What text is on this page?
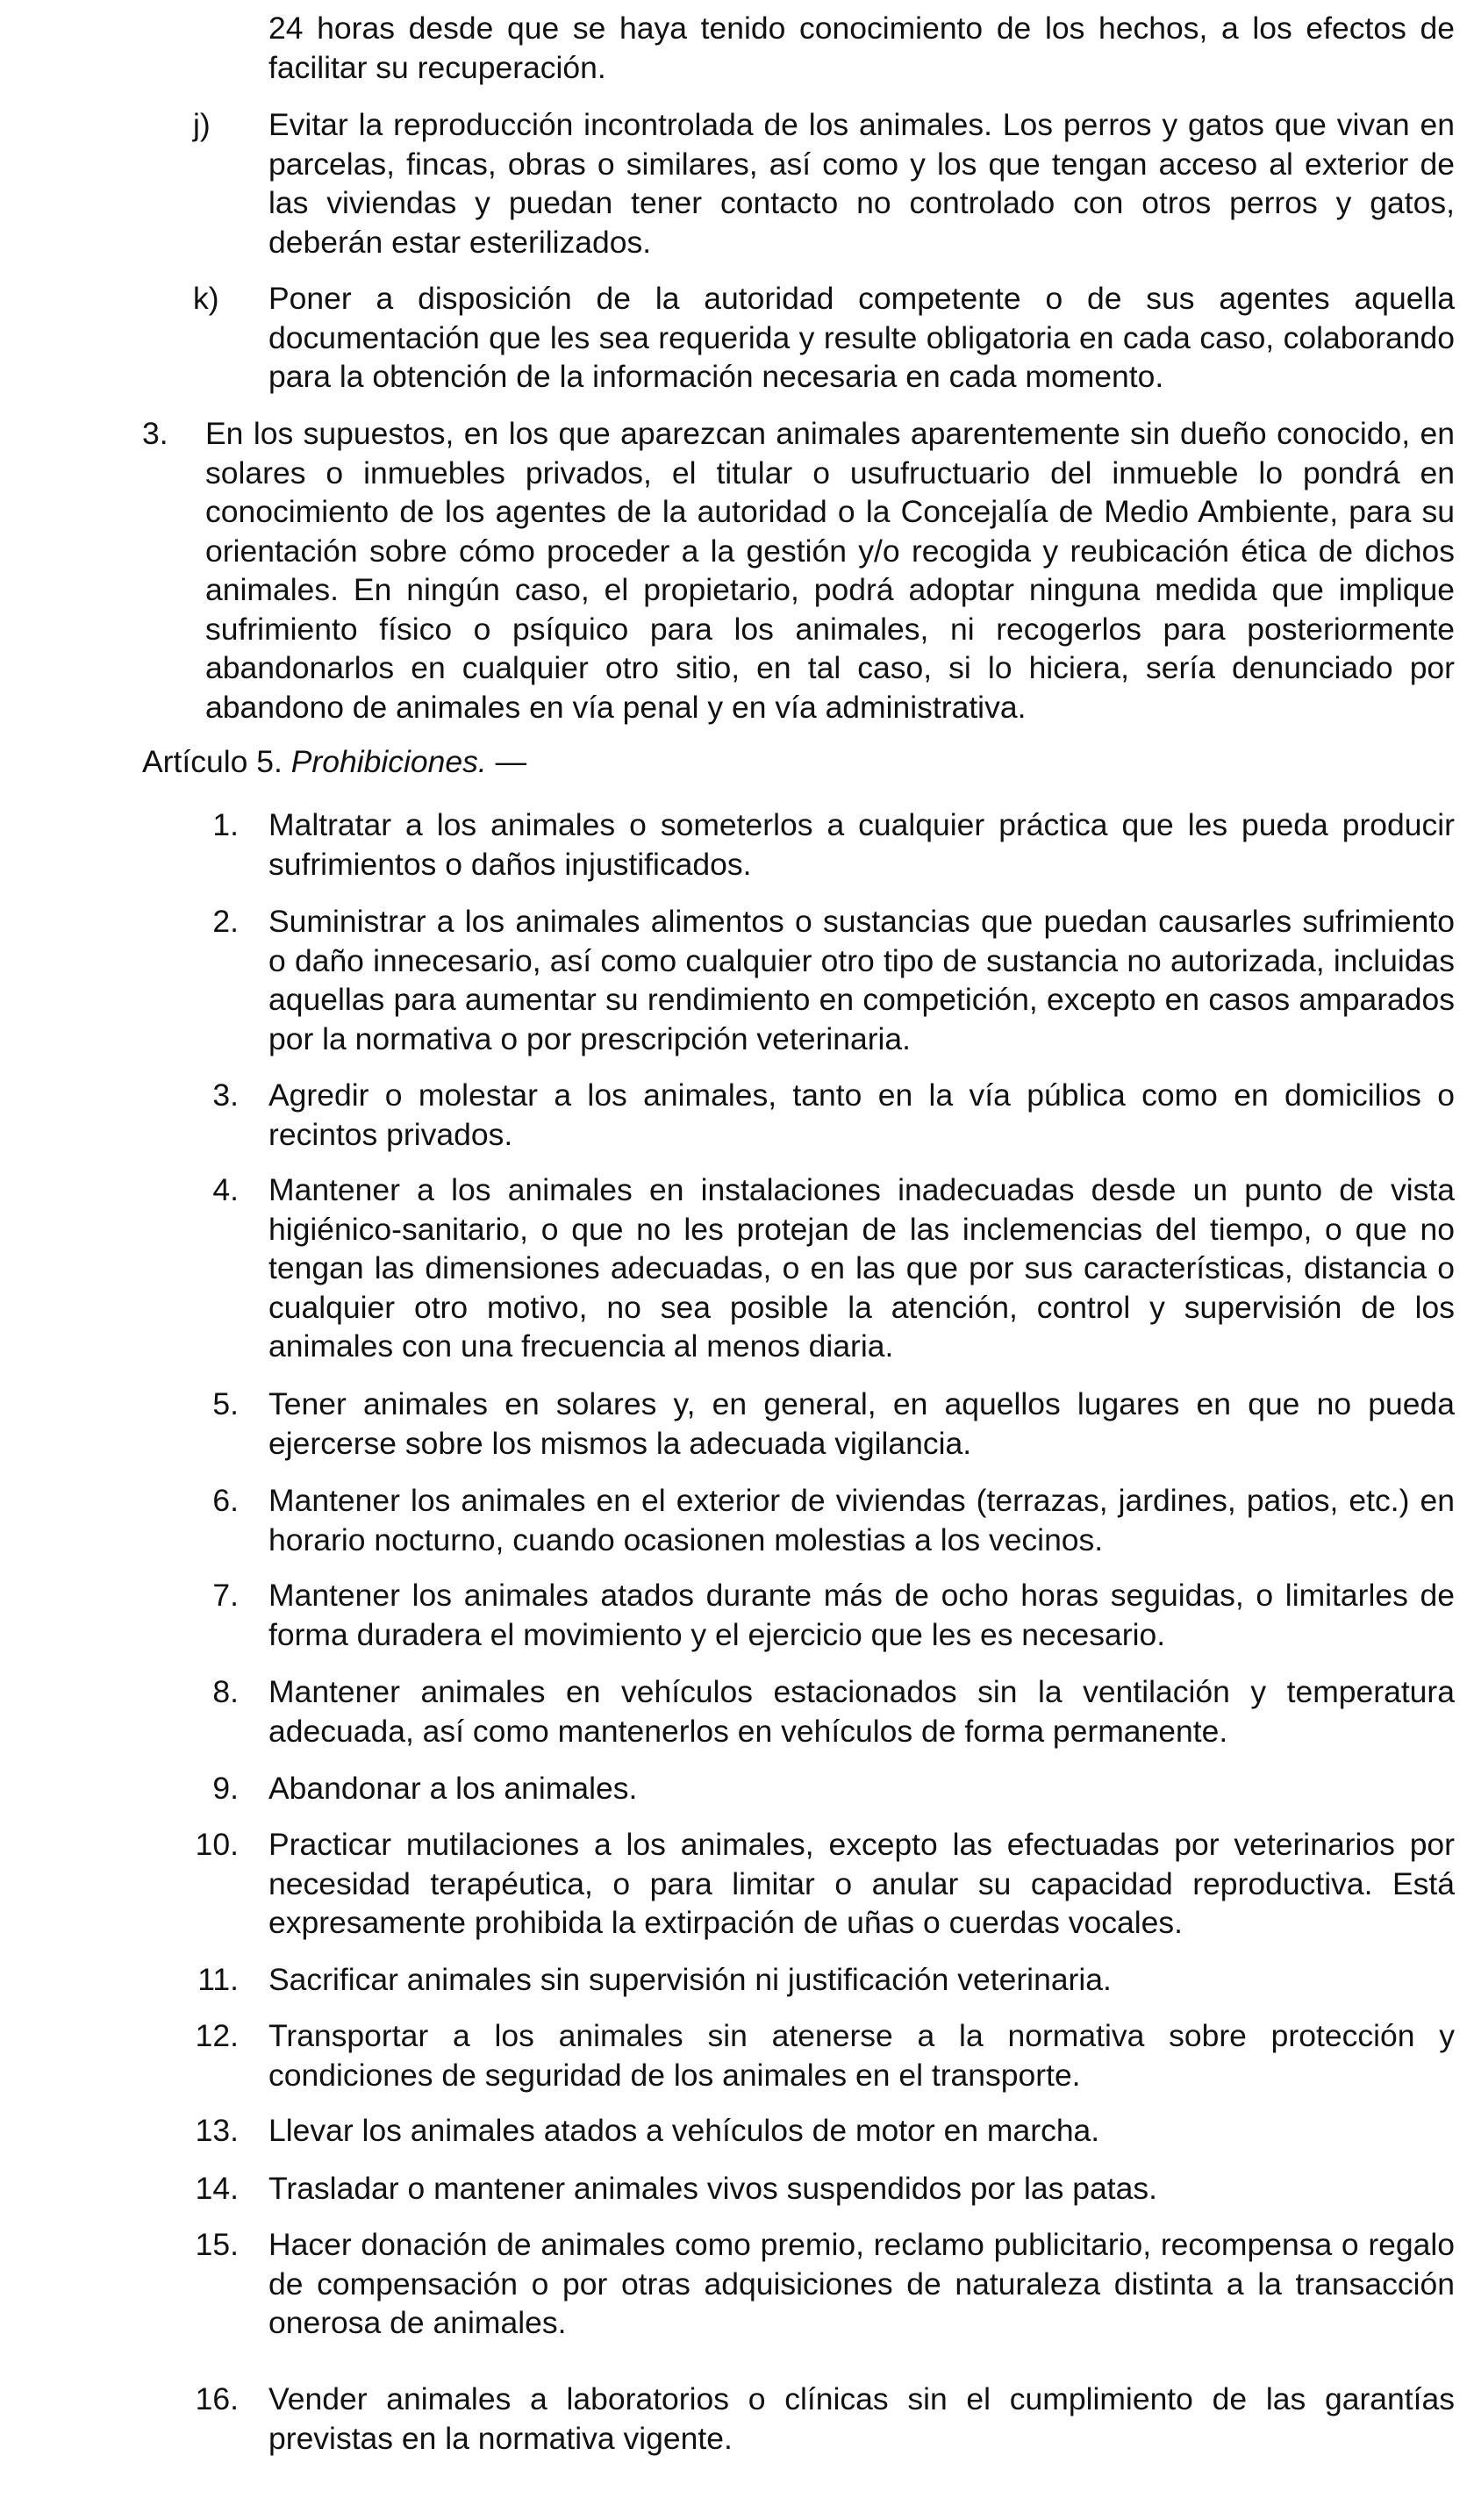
24 horas desde que se haya tenido conocimiento de los hechos, a los efectos de facilitar su recuperación.

j)	Evitar la reproducción incontrolada de los animales. Los perros y gatos que vivan en parcelas, fincas, obras o similares, así como y los que tengan acceso al exterior de las viviendas y puedan tener contacto no controlado con otros perros y gatos, deberán estar esterilizados.

k)	Poner a disposición de la autoridad competente o de sus agentes aquella documentación que les sea requerida y resulte obligatoria en cada caso, colaborando para la obtención de la información necesaria en cada momento.

3. En los supuestos, en los que aparezcan animales aparentemente sin dueño conocido, en solares o inmuebles privados, el titular o usufructuario del inmueble lo pondrá en conocimiento de los agentes de la autoridad o la Concejalía de Medio Ambiente, para su orientación sobre cómo proceder a la gestión y/o recogida y reubicación ética de dichos animales. En ningún caso, el propietario, podrá adoptar ninguna medida que implique sufrimiento físico o psíquico para los animales, ni recogerlos para posteriormente abandonarlos en cualquier otro sitio, en tal caso, si lo hiciera, sería denunciado por abandono de animales en vía penal y en vía administrativa.

Artículo 5. Prohibiciones. —
1. Maltratar a los animales o someterlos a cualquier práctica que les pueda producir sufrimientos o daños injustificados.

2. Suministrar a los animales alimentos o sustancias que puedan causarles sufrimiento o daño innecesario, así como cualquier otro tipo de sustancia no autorizada, incluidas aquellas para aumentar su rendimiento en competición, excepto en casos amparados por la normativa o por prescripción veterinaria.

3. Agredir o molestar a los animales, tanto en la vía pública como en domicilios o recintos privados.

4. Mantener a los animales en instalaciones inadecuadas desde un punto de vista higiénico-sanitario, o que no les protejan de las inclemencias del tiempo, o que no tengan las dimensiones adecuadas, o en las que por sus características, distancia o cualquier otro motivo, no sea posible la atención, control y supervisión de los animales con una frecuencia al menos diaria.

5. Tener animales en solares y, en general, en aquellos lugares en que no pueda ejercerse sobre los mismos la adecuada vigilancia.

6. Mantener los animales en el exterior de viviendas (terrazas, jardines, patios, etc.) en horario nocturno, cuando ocasionen molestias a los vecinos.

7. Mantener los animales atados durante más de ocho horas seguidas, o limitarles de forma duradera el movimiento y el ejercicio que les es necesario.

8. Mantener animales en vehículos estacionados sin la ventilación y temperatura adecuada, así como mantenerlos en vehículos de forma permanente.

9. Abandonar a los animales.

10. Practicar mutilaciones a los animales, excepto las efectuadas por veterinarios por necesidad terapéutica, o para limitar o anular su capacidad reproductiva. Está expresamente prohibida la extirpación de uñas o cuerdas vocales.

11. Sacrificar animales sin supervisión ni justificación veterinaria.

12. Transportar a los animales sin atenerse a la normativa sobre protección y condiciones de seguridad de los animales en el transporte.

13. Llevar los animales atados a vehículos de motor en marcha.

14. Trasladar o mantener animales vivos suspendidos por las patas.

15. Hacer donación de animales como premio, reclamo publicitario, recompensa o regalo de compensación o por otras adquisiciones de naturaleza distinta a la transacción onerosa de animales.

16. Vender animales a laboratorios o clínicas sin el cumplimiento de las garantías previstas en la normativa vigente.
